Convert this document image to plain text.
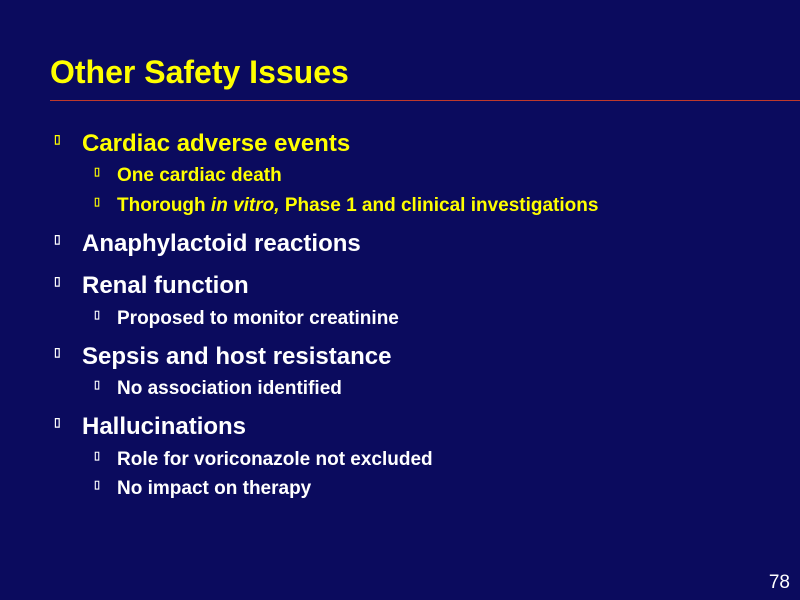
Other Safety Issues
▯ Cardiac adverse events
▯ One cardiac death
▯ Thorough in vitro, Phase 1 and clinical investigations
▯ Anaphylactoid reactions
▯ Renal function
▯ Proposed to monitor creatinine
▯ Sepsis and host resistance
▯ No association identified
▯ Hallucinations
▯ Role for voriconazole not excluded
▯ No impact on therapy
78
